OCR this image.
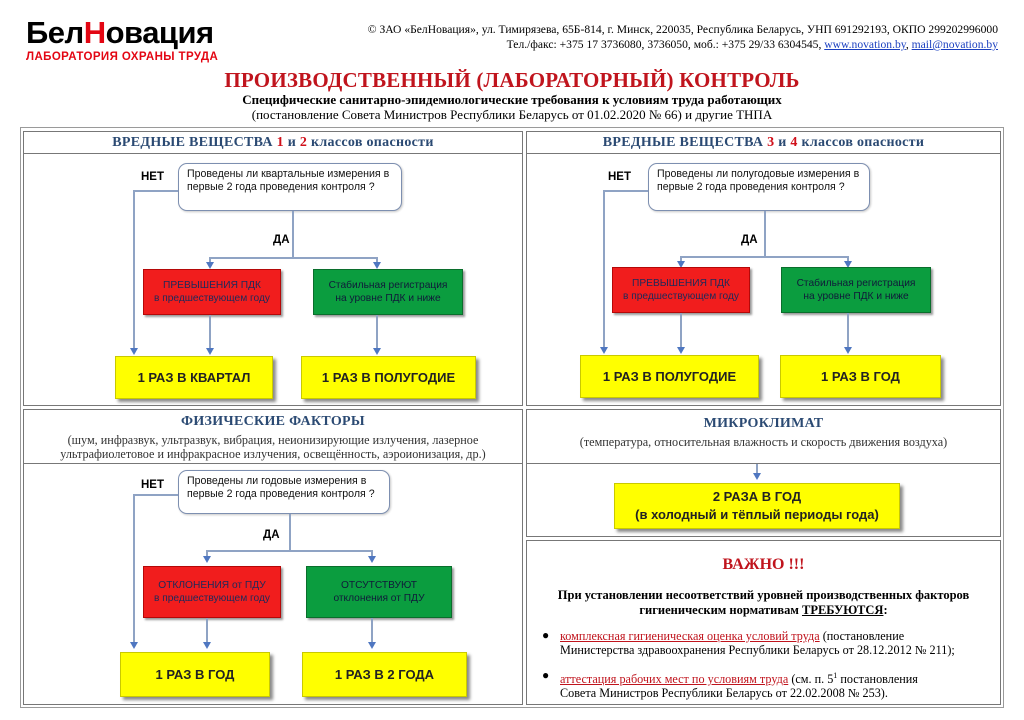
БелНовация
ЛАБОРАТОРИЯ ОХРАНЫ ТРУДА
© ЗАО «БелНовация», ул. Тимирязева, 65Б-814, г. Минск, 220035, Республика Беларусь, УНП 691292193, ОКПО 299202996000
Тел./факс: +375 17 3736080, 3736050, моб.: +375 29/33 6304545, www.novation.by, mail@novation.by
ПРОИЗВОДСТВЕННЫЙ (ЛАБОРАТОРНЫЙ) КОНТРОЛЬ
Специфические санитарно-эпидемиологические требования к условиям труда работающих
(постановление Совета Министров Республики Беларусь от 01.02.2020 № 66) и другие ТНПА
ВРЕДНЫЕ ВЕЩЕСТВА 1 и 2 классов опасности
Проведены ли квартальные измерения в первые 2 года проведения контроля ?
НЕТ
ДА
ПРЕВЫШЕНИЯ ПДК
в предшествующем году
Стабильная регистрация
на уровне ПДК и ниже
1 РАЗ В КВАРТАЛ	1 РАЗ В ПОЛУГОДИЕ
ВРЕДНЫЕ ВЕЩЕСТВА 3 и 4 классов опасности
Проведены ли полугодовые измерения в первые 2 года проведения контроля ?
НЕТ
ДА
ПРЕВЫШЕНИЯ ПДК
в предшествующем году
Стабильная регистрация
на уровне ПДК и ниже
1 РАЗ В ПОЛУГОДИЕ	1 РАЗ В ГОД
ФИЗИЧЕСКИЕ ФАКТОРЫ
(шум, инфразвук, ультразвук, вибрация, неионизирующие излучения, лазерное
ультрафиолетовое и инфракрасное излучения, освещённость, аэроионизация, др.)
Проведены ли годовые измерения в первые 2 года проведения контроля ?
НЕТ
ДА
ОТКЛОНЕНИЯ от ПДУ
в предшествующем году
ОТСУТСТВУЮТ
отклонения от ПДУ
1 РАЗ В ГОД	1 РАЗ В 2 ГОДА
МИКРОКЛИМАТ
(температура, относительная влажность и скорость движения воздуха)
2 РАЗА В ГОД
(в холодный и тёплый периоды года)
ВАЖНО !!!
При установлении несоответствий уровней производственных факторов
гигиеническим нормативам ТРЕБУЮТСЯ:
● комплексная гигиеническая оценка условий труда (постановление
Министерства здравоохранения Республики Беларусь от 28.12.2012 № 211);
● аттестация рабочих мест по условиям труда (см. п. $5^1$ постановления
Совета Министров Республики Беларусь от 22.02.2008 № 253).
